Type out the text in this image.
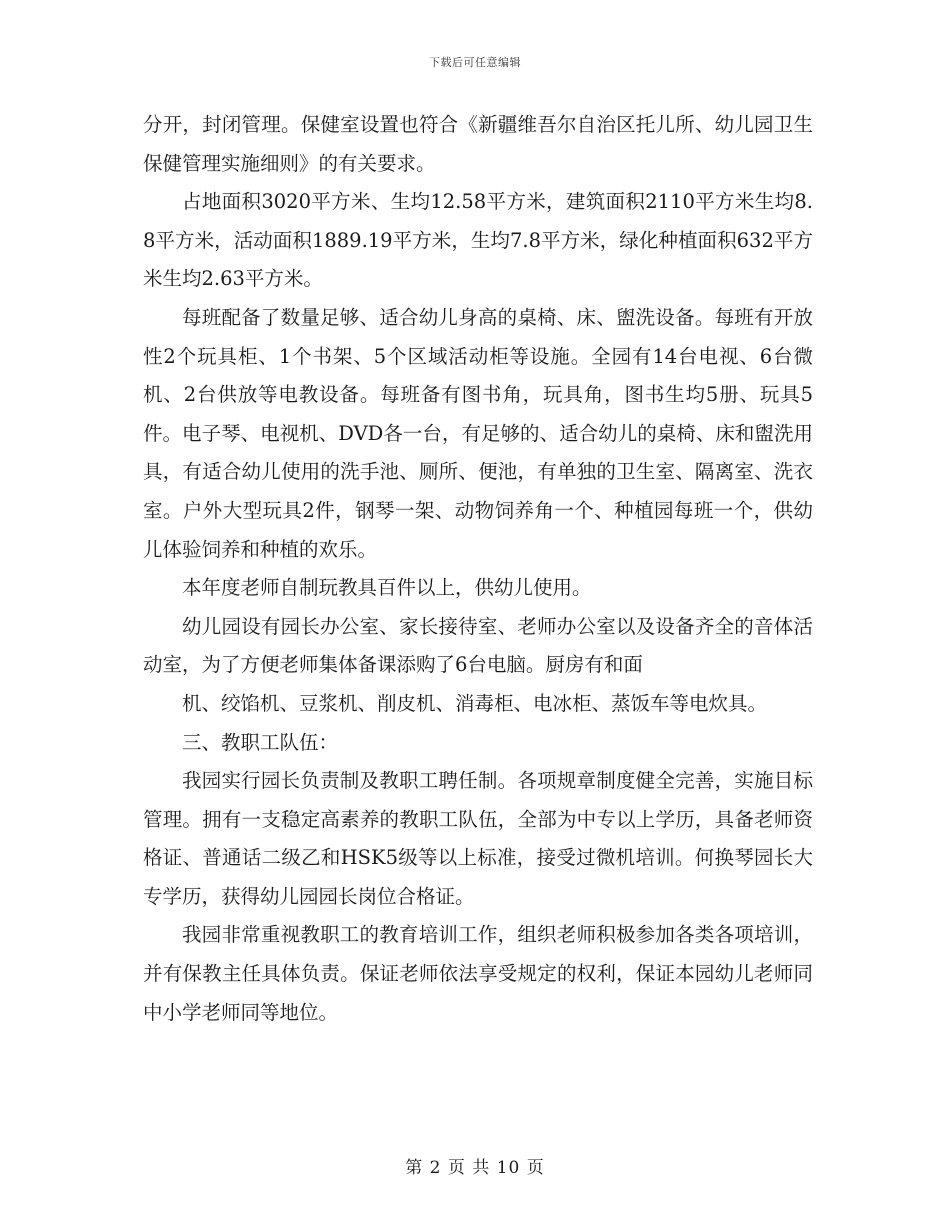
下载后可任意编辑

分开，封闭管理。保健室设置也符合《新疆维吾尔自治区托儿所、幼儿园卫生保健管理实施细则》的有关要求。

占地面积3020平方米、生均12.58平方米，建筑面积2110平方米生均8.8平方米，活动面积1889.19平方米，生均7.8平方米，绿化种植面积632平方米生均2.63平方米。

每班配备了数量足够、适合幼儿身高的桌椅、床、盥洗设备。每班有开放性2个玩具柜、1个书架、5个区域活动柜等设施。全园有14台电视、6台微机、2台供放等电教设备。每班备有图书角，玩具角，图书生均5册、玩具5件。电子琴、电视机、DVD各一台，有足够的、适合幼儿的桌椅、床和盥洗用具，有适合幼儿使用的洗手池、厕所、便池，有单独的卫生室、隔离室、洗衣室。户外大型玩具2件，钢琴一架、动物饲养角一个、种植园每班一个，供幼儿体验饲养和种植的欢乐。

本年度老师自制玩教具百件以上，供幼儿使用。

幼儿园设有园长办公室、家长接待室、老师办公室以及设备齐全的音体活动室，为了方便老师集体备课添购了6台电脑。厨房有和面

机、绞馅机、豆浆机、削皮机、消毒柜、电冰柜、蒸饭车等电炊具。

三、教职工队伍：

我园实行园长负责制及教职工聘任制。各项规章制度健全完善，实施目标管理。拥有一支稳定高素养的教职工队伍，全部为中专以上学历，具备老师资格证、普通话二级乙和HSK5级等以上标准，接受过微机培训。何换琴园长大专学历，获得幼儿园园长岗位合格证。

我园非常重视教职工的教育培训工作，组织老师积极参加各类各项培训，并有保教主任具体负责。保证老师依法享受规定的权利，保证本园幼儿老师同中小学老师同等地位。

第 2 页 共 10 页
